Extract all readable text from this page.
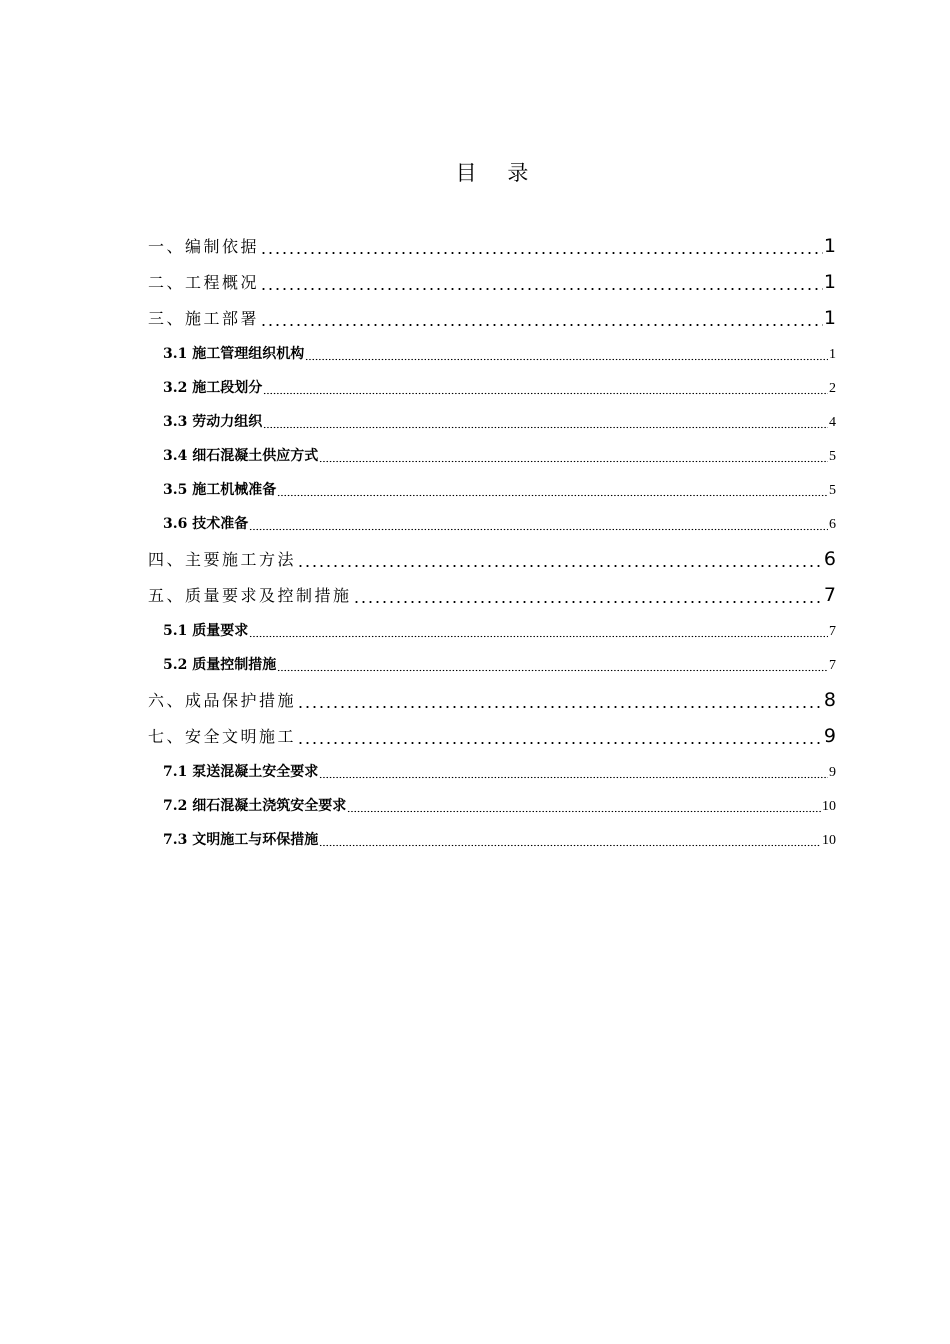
目 录
一、编制依据	1
二、工程概况	1
三、施工部署	1
3.1 施工管理组织机构	1
3.2 施工段划分	2
3.3 劳动力组织	4
3.4 细石混凝土供应方式	5
3.5 施工机械准备	5
3.6 技术准备	6
四、主要施工方法	6
五、质量要求及控制措施	7
5.1 质量要求	7
5.2 质量控制措施	7
六、成品保护措施	8
七、安全文明施工	9
7.1 泵送混凝土安全要求	9
7.2 细石混凝土浇筑安全要求	10
7.3 文明施工与环保措施	10
